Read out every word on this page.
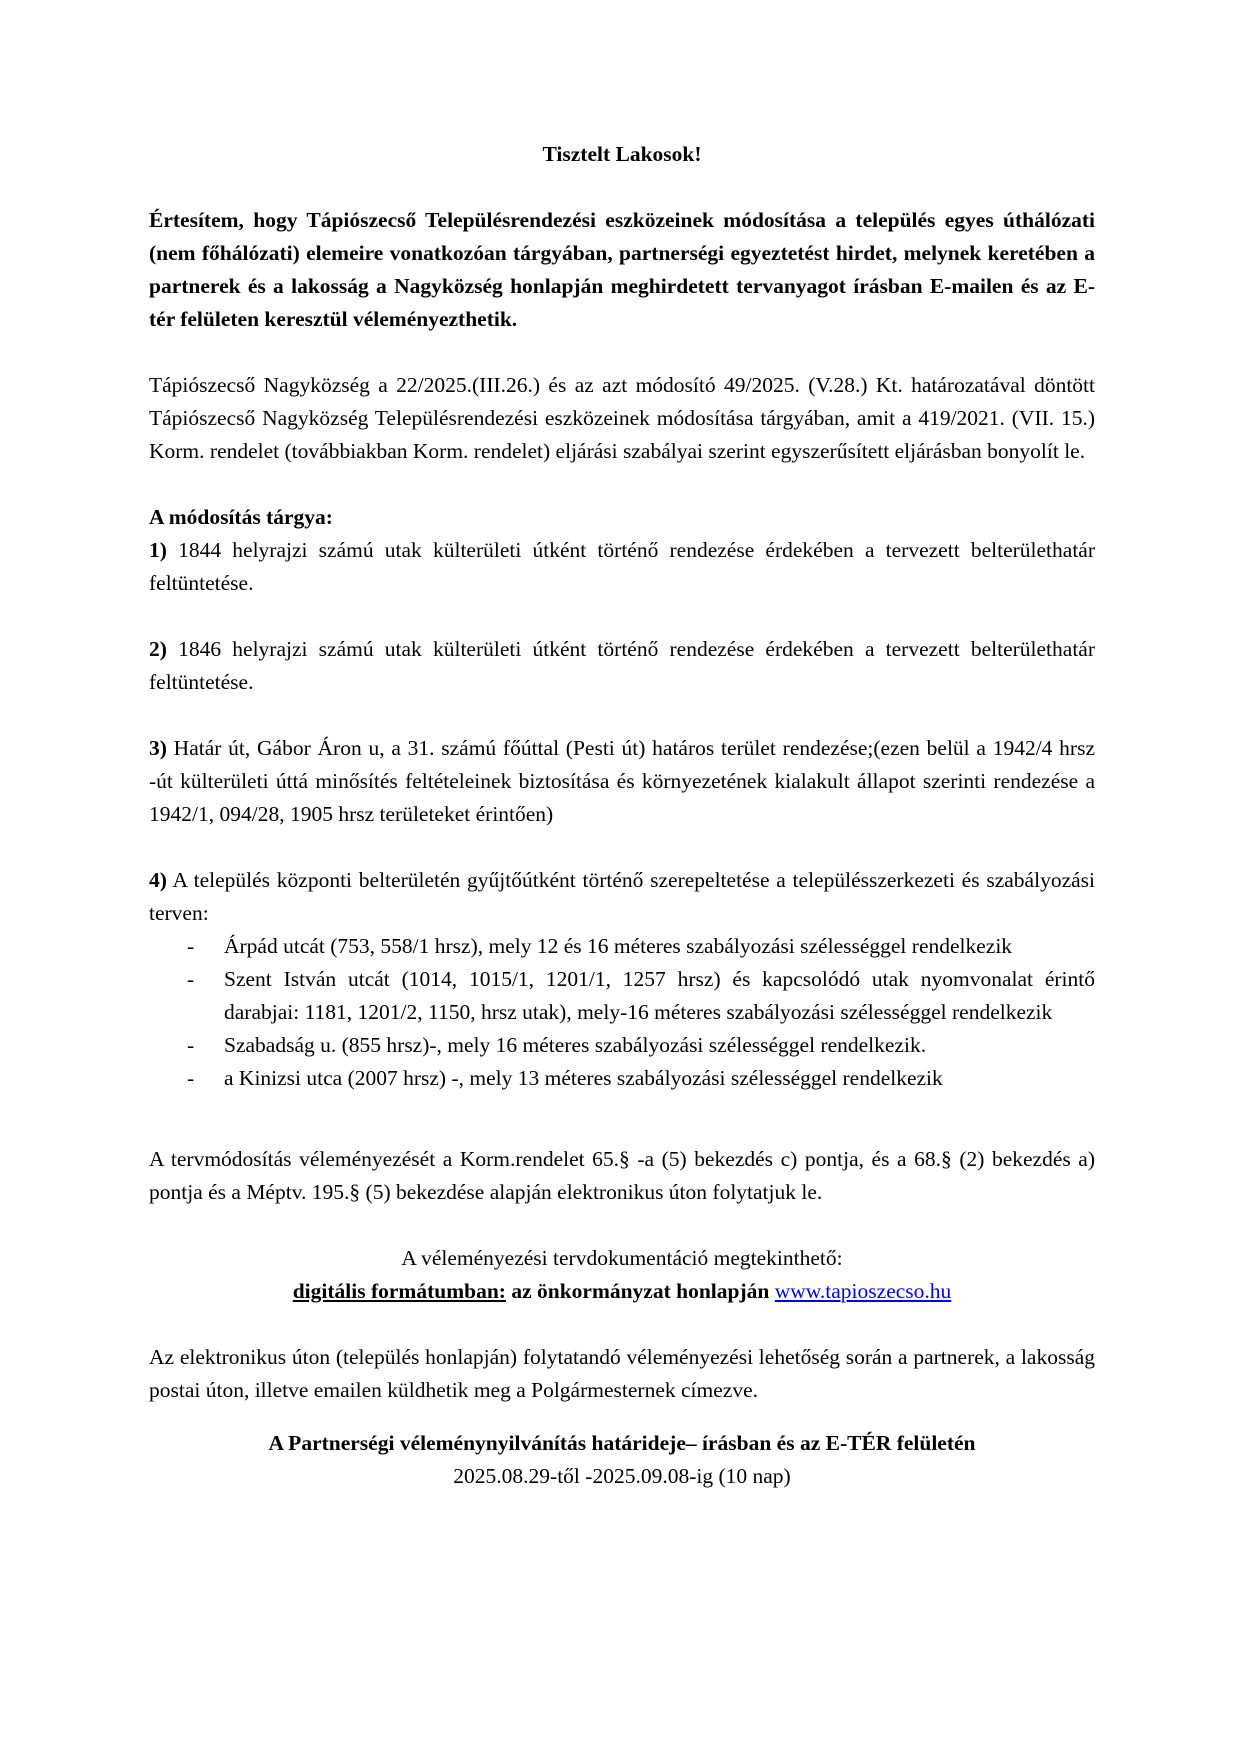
Tisztelt Lakosok!

Értesítem, hogy Tápiószecső Településrendezési eszközeinek módosítása a település egyes úthálózati (nem főhálózati) elemeire vonatkozóan tárgyában, partnerségi egyeztetést hirdet, melynek keretében a partnerek és a lakosság a Nagyközség honlapján meghirdetett tervanyagot írásban E-mailen és az E-tér felületen keresztül véleményezthetik.

Tápiószecső Nagyközség a 22/2025.(III.26.) és az azt módosító 49/2025. (V.28.) Kt. határozatával döntött Tápiószecső Nagyközség Településrendezési eszközeinek módosítása tárgyában, amit a 419/2021. (VII. 15.) Korm. rendelet (továbbiakban Korm. rendelet) eljárási szabályai szerint egyszerűsített eljárásban bonyolít le.

A módosítás tárgya:

1) 1844 helyrajzi számú utak külterületi útként történő rendezése érdekében a tervezett belterülethatár feltüntetése.

2) 1846 helyrajzi számú utak külterületi útként történő rendezése érdekében a tervezett belterülethatár feltüntetése.

3) Határ út, Gábor Áron u, a 31. számú főúttal (Pesti út) határos terület rendezése;(ezen belül a 1942/4 hrsz -út külterületi úttá minősítés feltételeinek biztosítása és környezetének kialakult állapot szerinti rendezése a 1942/1, 094/28, 1905 hrsz területeket érintően)

4) A település központi belterületén gyűjtőútként történő szerepeltetése a településszerkezeti és szabályozási terven:

- Árpád utcát (753, 558/1 hrsz), mely 12 és 16 méteres szabályozási szélességgel rendelkezik
- Szent István utcát (1014, 1015/1, 1201/1, 1257 hrsz) és kapcsolódó utak nyomvonalat érintő darabjai: 1181, 1201/2, 1150, hrsz utak), mely-16 méteres szabályozási szélességgel rendelkezik
- Szabadság u. (855 hrsz)-, mely 16 méteres szabályozási szélességgel rendelkezik.
- a Kinizsi utca (2007 hrsz) -, mely 13 méteres szabályozási szélességgel rendelkezik

A tervmódosítás véleményezését a Korm.rendelet 65.§ -a (5) bekezdés c) pontja, és a 68.§ (2) bekezdés a) pontja és a Méptv. 195.§ (5) bekezdése alapján elektronikus úton folytatjuk le.

A véleményezési tervdokumentáció megtekinthető:

digitális formátumban: az önkormányzat honlapján www.tapioszecso.hu

Az elektronikus úton (település honlapján) folytatandó véleményezési lehetőség során a partnerek, a lakosság postai úton, illetve emailen küldhetik meg a Polgármesternek címezve.

A Partnerségi véleménynyilvánítás határideje– írásban és az E-TÉR felületén

2025.08.29-től -2025.09.08-ig (10 nap)
